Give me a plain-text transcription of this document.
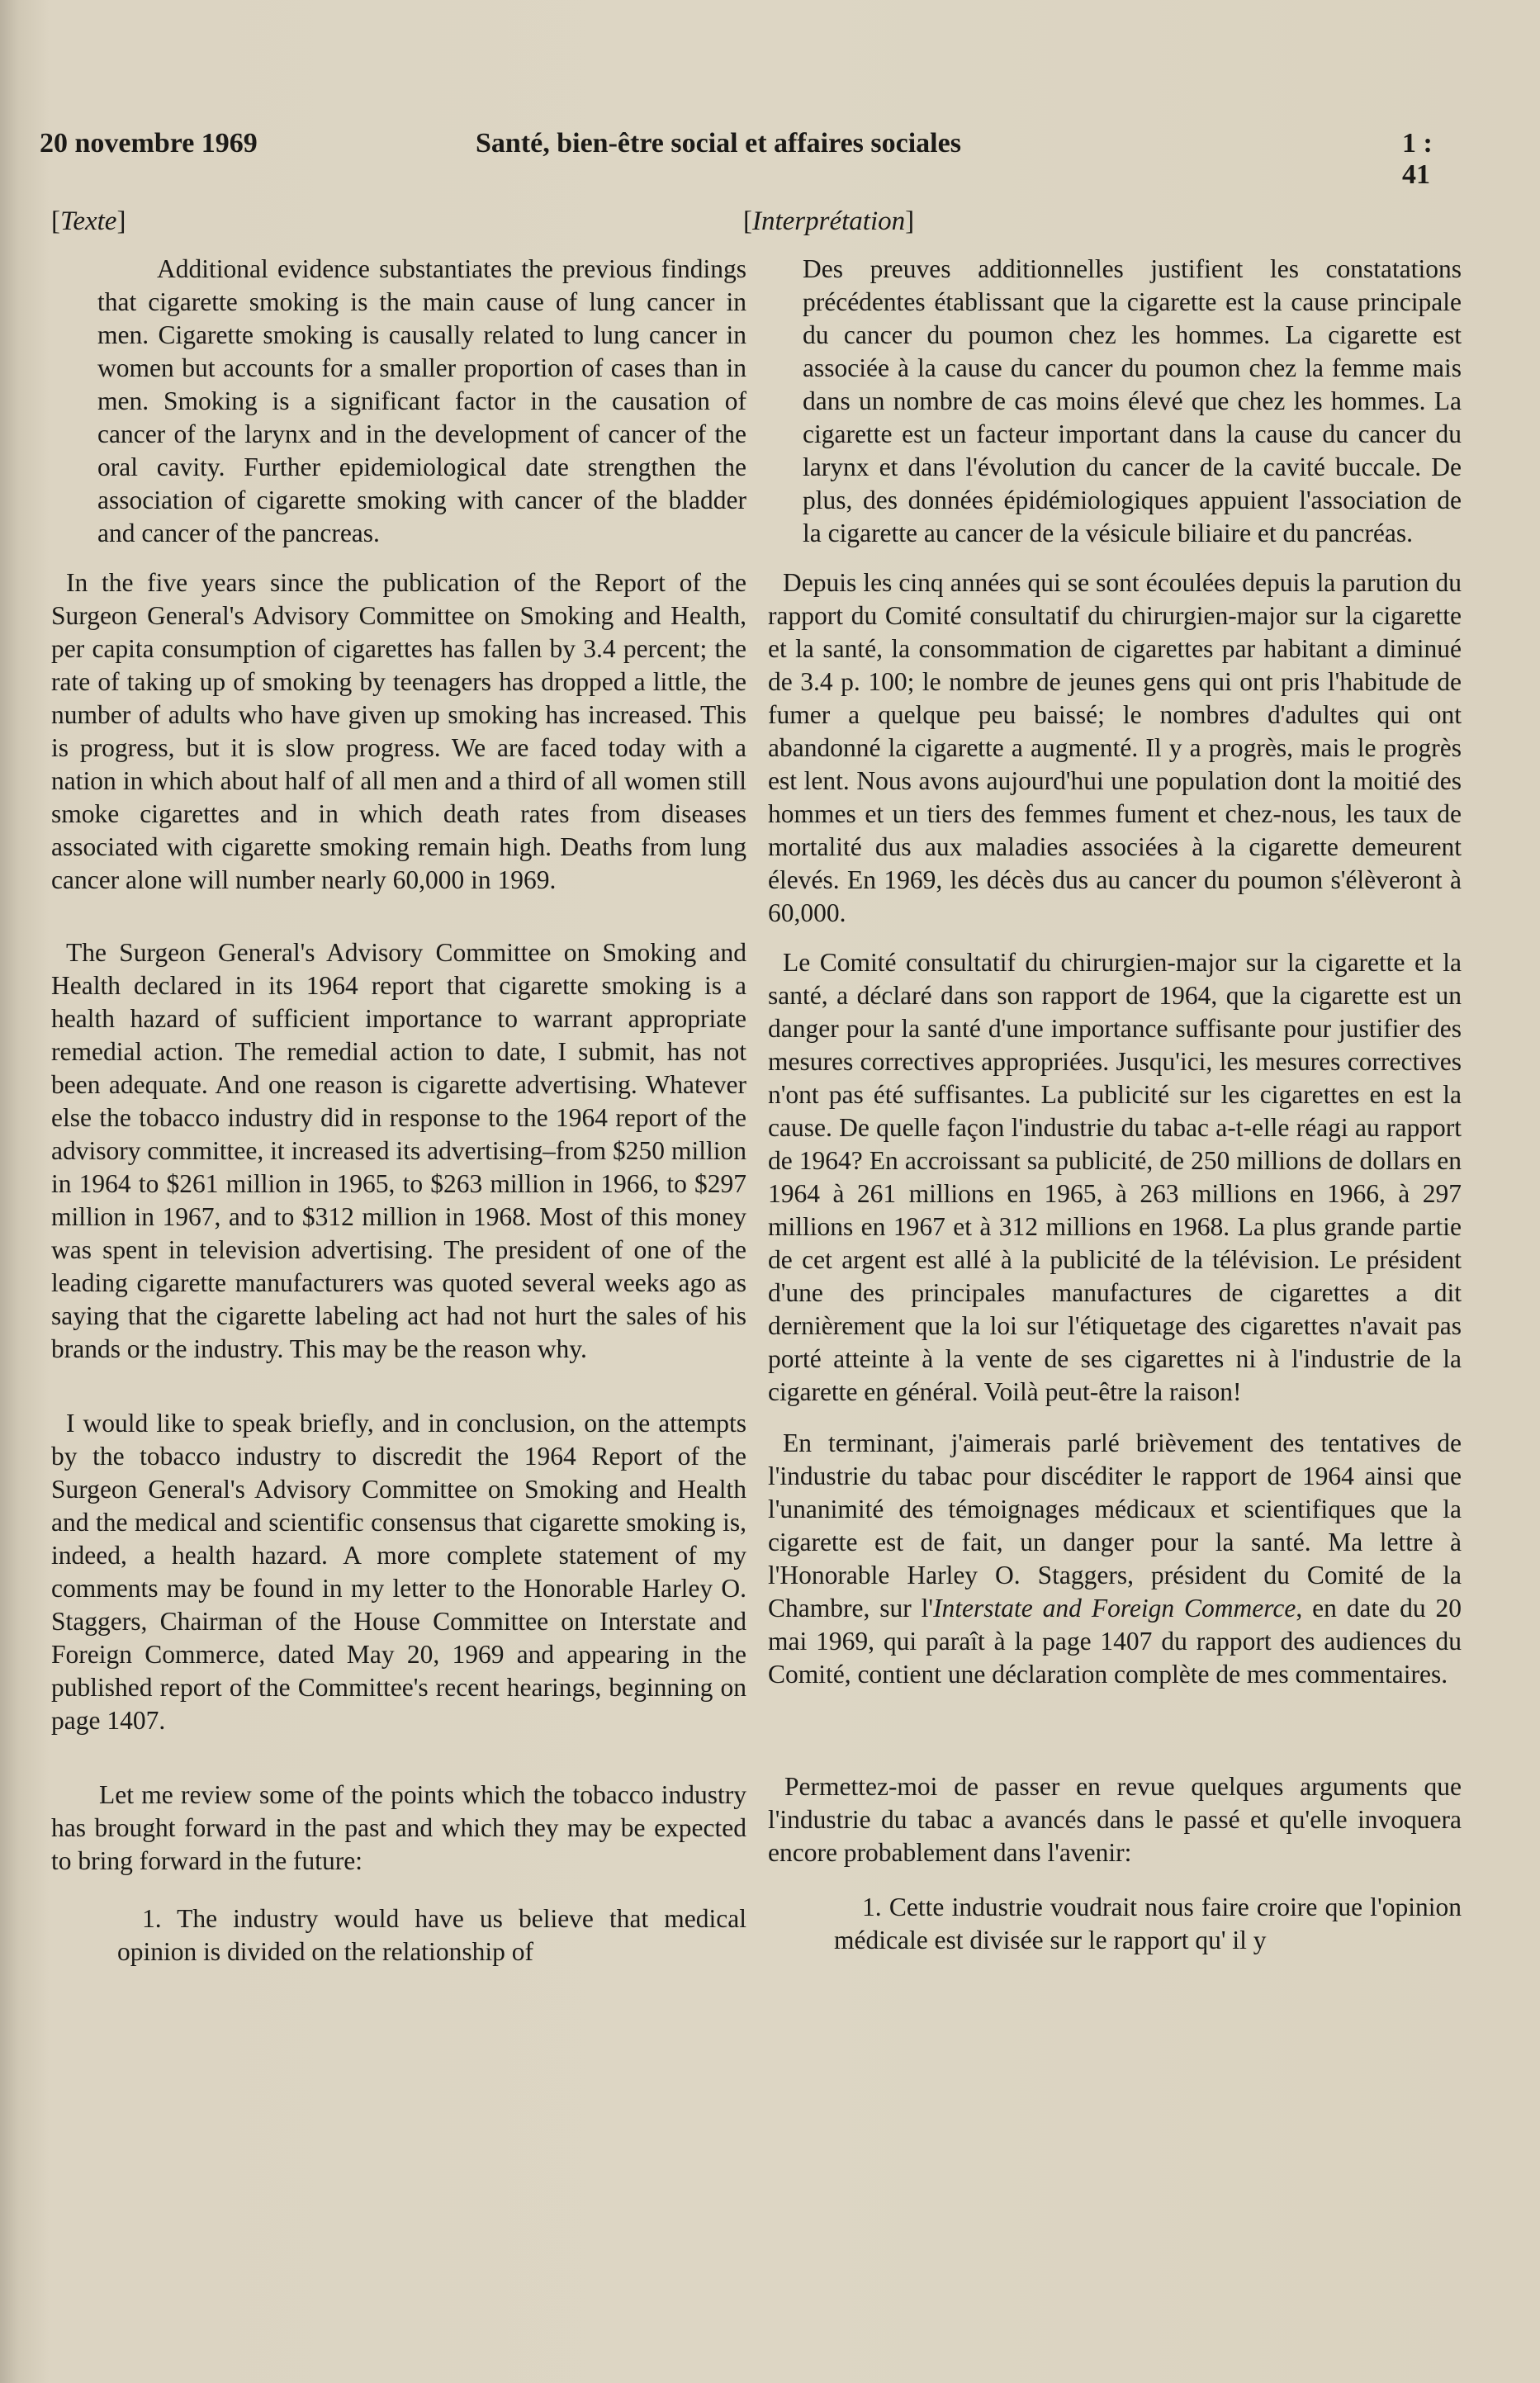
20 novembre 1969	Santé, bien-être social et affaires sociales	1 : 41
[Texte]

Additional evidence substantiates the previous findings that cigarette smoking is the main cause of lung cancer in men. Cigarette smoking is causally related to lung cancer in women but accounts for a smaller proportion of cases than in men. Smoking is a significant factor in the causation of cancer of the larynx and in the development of cancer of the oral cavity. Further epidemiological date strengthen the association of cigarette smoking with cancer of the bladder and cancer of the pancreas.

In the five years since the publication of the Report of the Surgeon General's Advisory Committee on Smoking and Health, per capita consumption of cigarettes has fallen by 3.4 percent; the rate of taking up of smoking by teenagers has dropped a little, the number of adults who have given up smoking has increased. This is progress, but it is slow progress. We are faced today with a nation in which about half of all men and a third of all women still smoke cigarettes and in which death rates from diseases associated with cigarette smoking remain high. Deaths from lung cancer alone will number nearly 60,000 in 1969.

The Surgeon General's Advisory Committee on Smoking and Health declared in its 1964 report that cigarette smoking is a health hazard of sufficient importance to warrant appropriate remedial action. The remedial action to date, I submit, has not been adequate. And one reason is cigarette advertising. Whatever else the tobacco industry did in response to the 1964 report of the advisory committee, it increased its advertising–from $250 million in 1964 to $261 million in 1965, to $263 million in 1966, to $297 million in 1967, and to $312 million in 1968. Most of this money was spent in television advertising. The president of one of the leading cigarette manufacturers was quoted several weeks ago as saying that the cigarette labeling act had not hurt the sales of his brands or the industry. This may be the reason why.

I would like to speak briefly, and in conclusion, on the attempts by the tobacco industry to discredit the 1964 Report of the Surgeon General's Advisory Committee on Smoking and Health and the medical and scientific consensus that cigarette smoking is, indeed, a health hazard. A more complete statement of my comments may be found in my letter to the Honorable Harley O. Staggers, Chairman of the House Committee on Interstate and Foreign Commerce, dated May 20, 1969 and appearing in the published report of the Committee's recent hearings, beginning on page 1407.

Let me review some of the points which the tobacco industry has brought forward in the past and which they may be expected to bring forward in the future:

1. The industry would have us believe that medical opinion is divided on the relationship of

[Interprétation]

Des preuves additionnelles justifient les constatations précédentes établissant que la cigarette est la cause principale du cancer du poumon chez les hommes. La cigarette est associée à la cause du cancer du poumon chez la femme mais dans un nombre de cas moins élevé que chez les hommes. La cigarette est un facteur important dans la cause du cancer du larynx et dans l'évolution du cancer de la cavité buccale. De plus, des données épidémiologiques appuient l'association de la cigarette au cancer de la vésicule biliaire et du pancréas.

Depuis les cinq années qui se sont écoulées depuis la parution du rapport du Comité consultatif du chirurgien-major sur la cigarette et la santé, la consommation de cigarettes par habitant a diminué de 3.4 p. 100; le nombre de jeunes gens qui ont pris l'habitude de fumer a quelque peu baissé; le nombres d'adultes qui ont abandonné la cigarette a augmenté. Il y a progrès, mais le progrès est lent. Nous avons aujourd'hui une population dont la moitié des hommes et un tiers des femmes fument et chez-nous, les taux de mortalité dus aux maladies associées à la cigarette demeurent élevés. En 1969, les décès dus au cancer du poumon s'élèveront à 60,000.

Le Comité consultatif du chirurgien-major sur la cigarette et la santé, a déclaré dans son rapport de 1964, que la cigarette est un danger pour la santé d'une importance suffisante pour justifier des mesures correctives appropriées. Jusqu'ici, les mesures correctives n'ont pas été suffisantes. La publicité sur les cigarettes en est la cause. De quelle façon l'industrie du tabac a-t-elle réagi au rapport de 1964? En accroissant sa publicité, de 250 millions de dollars en 1964 à 261 millions en 1965, à 263 millions en 1966, à 297 millions en 1967 et à 312 millions en 1968. La plus grande partie de cet argent est allé à la publicité de la télévision. Le président d'une des principales manufactures de cigarettes a dit dernièrement que la loi sur l'étiquetage des cigarettes n'avait pas porté atteinte à la vente de ses cigarettes ni à l'industrie de la cigarette en général. Voilà peut-être la raison!

En terminant, j'aimerais parlé brièvement des tentatives de l'industrie du tabac pour discéditer le rapport de 1964 ainsi que l'unanimité des témoignages médicaux et scientifiques que la cigarette est de fait, un danger pour la santé. Ma lettre à l'Honorable Harley O. Staggers, président du Comité de la Chambre, sur l'Interstate and Foreign Commerce, en date du 20 mai 1969, qui paraît à la page 1407 du rapport des audiences du Comité, contient une déclaration complète de mes commentaires.

Permettez-moi de passer en revue quelques arguments que l'industrie du tabac a avancés dans le passé et qu'elle invoquera encore probablement dans l'avenir:

1. Cette industrie voudrait nous faire croire que l'opinion médicale est divisée sur le rapport qu' il y
